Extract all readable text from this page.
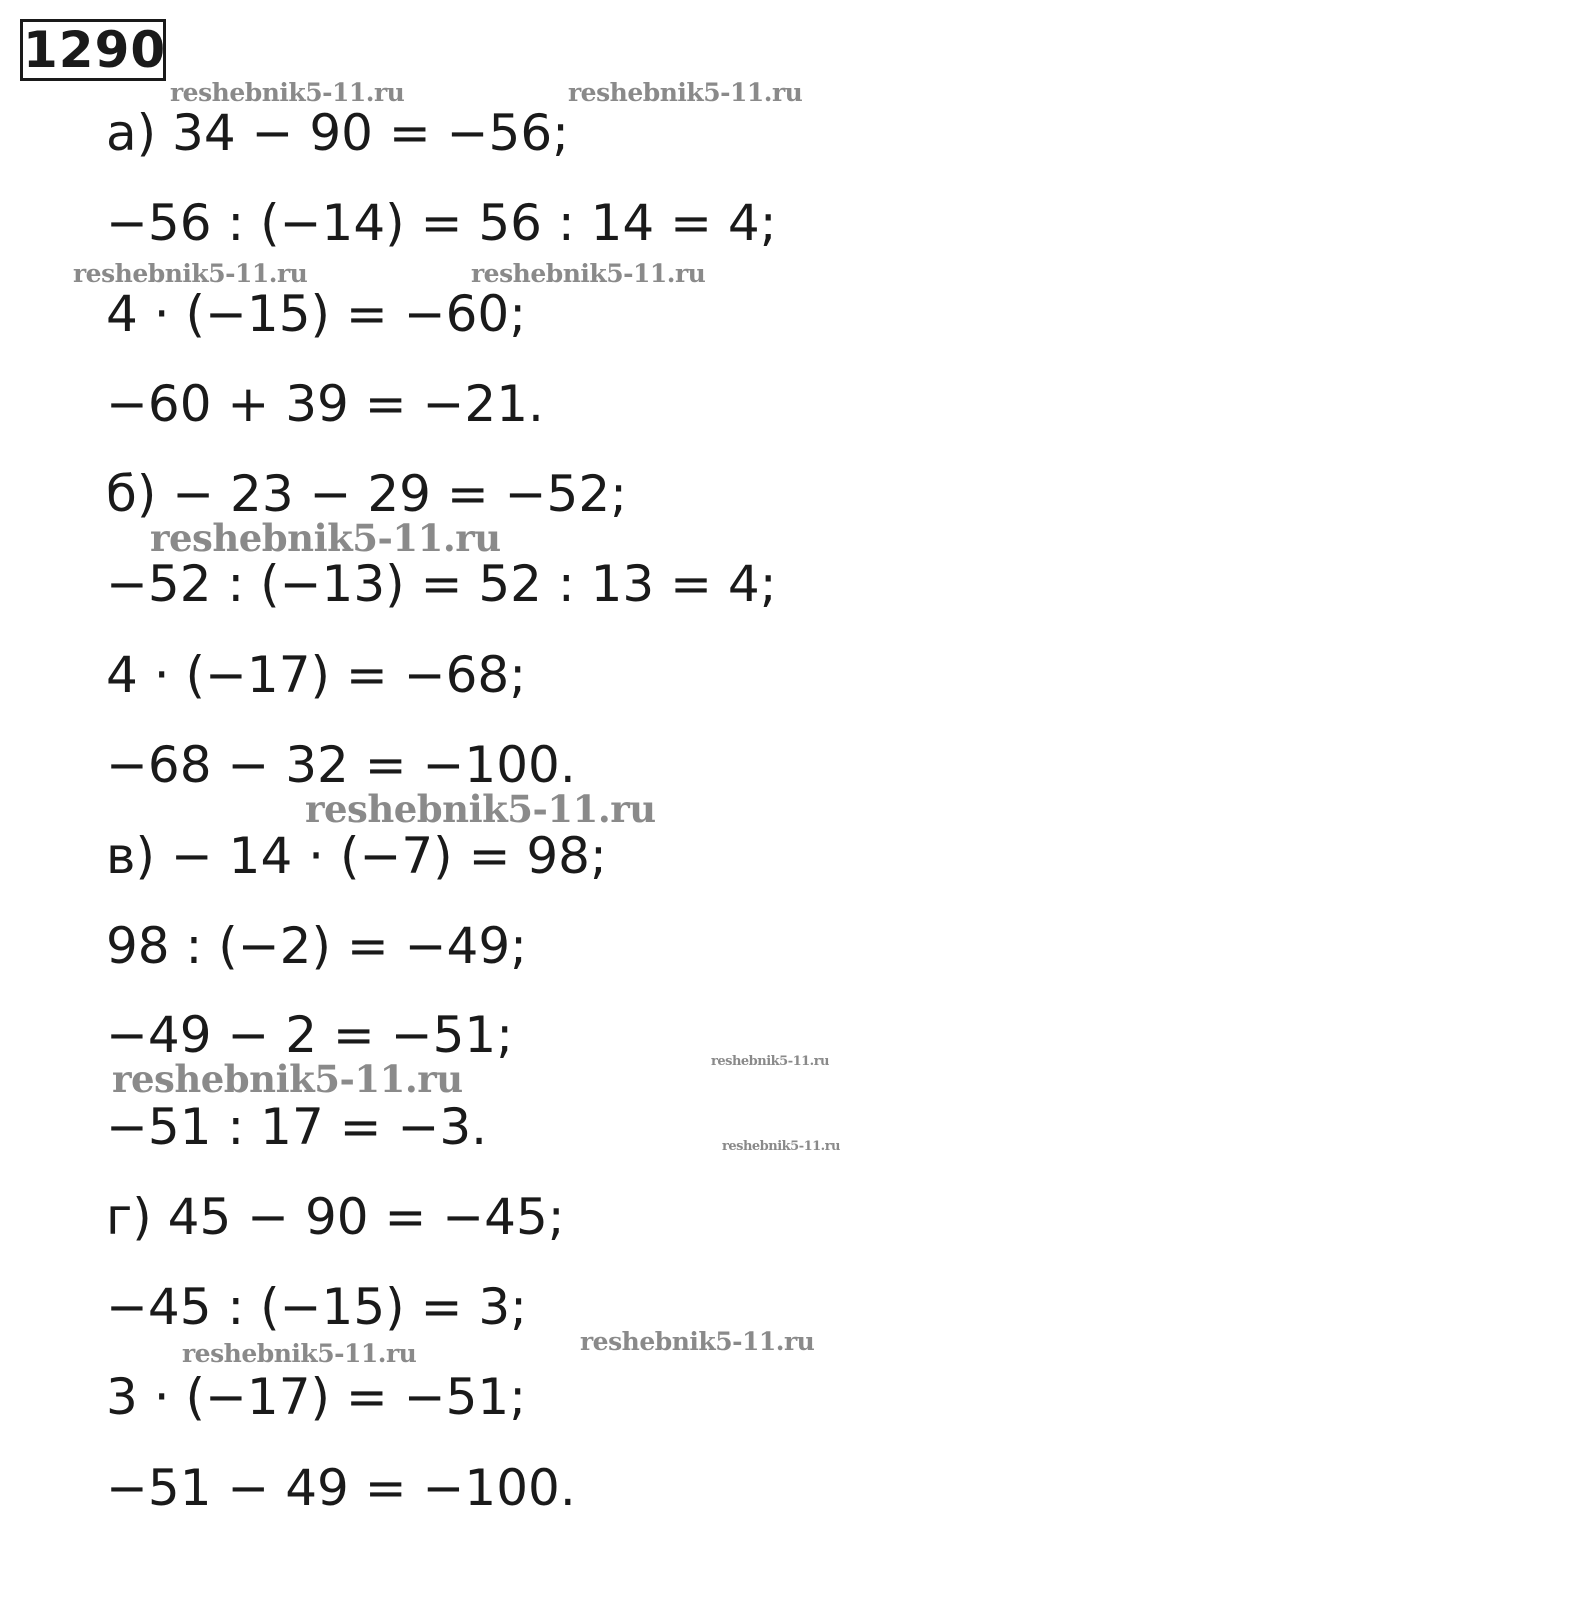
1290
а) 34 − 90 = −56;
−56 : (−14) = 56 : 14 = 4;
4 · (−15) = −60;
−60 + 39 = −21.
б) − 23 − 29 = −52;
−52 : (−13) = 52 : 13 = 4;
4 · (−17) = −68;
−68 − 32 = −100.
в) − 14 · (−7) = 98;
98 : (−2) = −49;
−49 − 2 = −51;
−51 : 17 = −3.
г) 45 − 90 = −45;
−45 : (−15) = 3;
3 · (−17) = −51;
−51 − 49 = −100.
reshebnik5-11.ru	reshebnik5-11.ru
reshebnik5-11.ru	reshebnik5-11.ru
reshebnik5-11.ru
reshebnik5-11.ru
reshebnik5-11.ru	reshebnik5-11.ru
reshebnik5-11.ru
reshebnik5-11.ru
reshebnik5-11.ru
